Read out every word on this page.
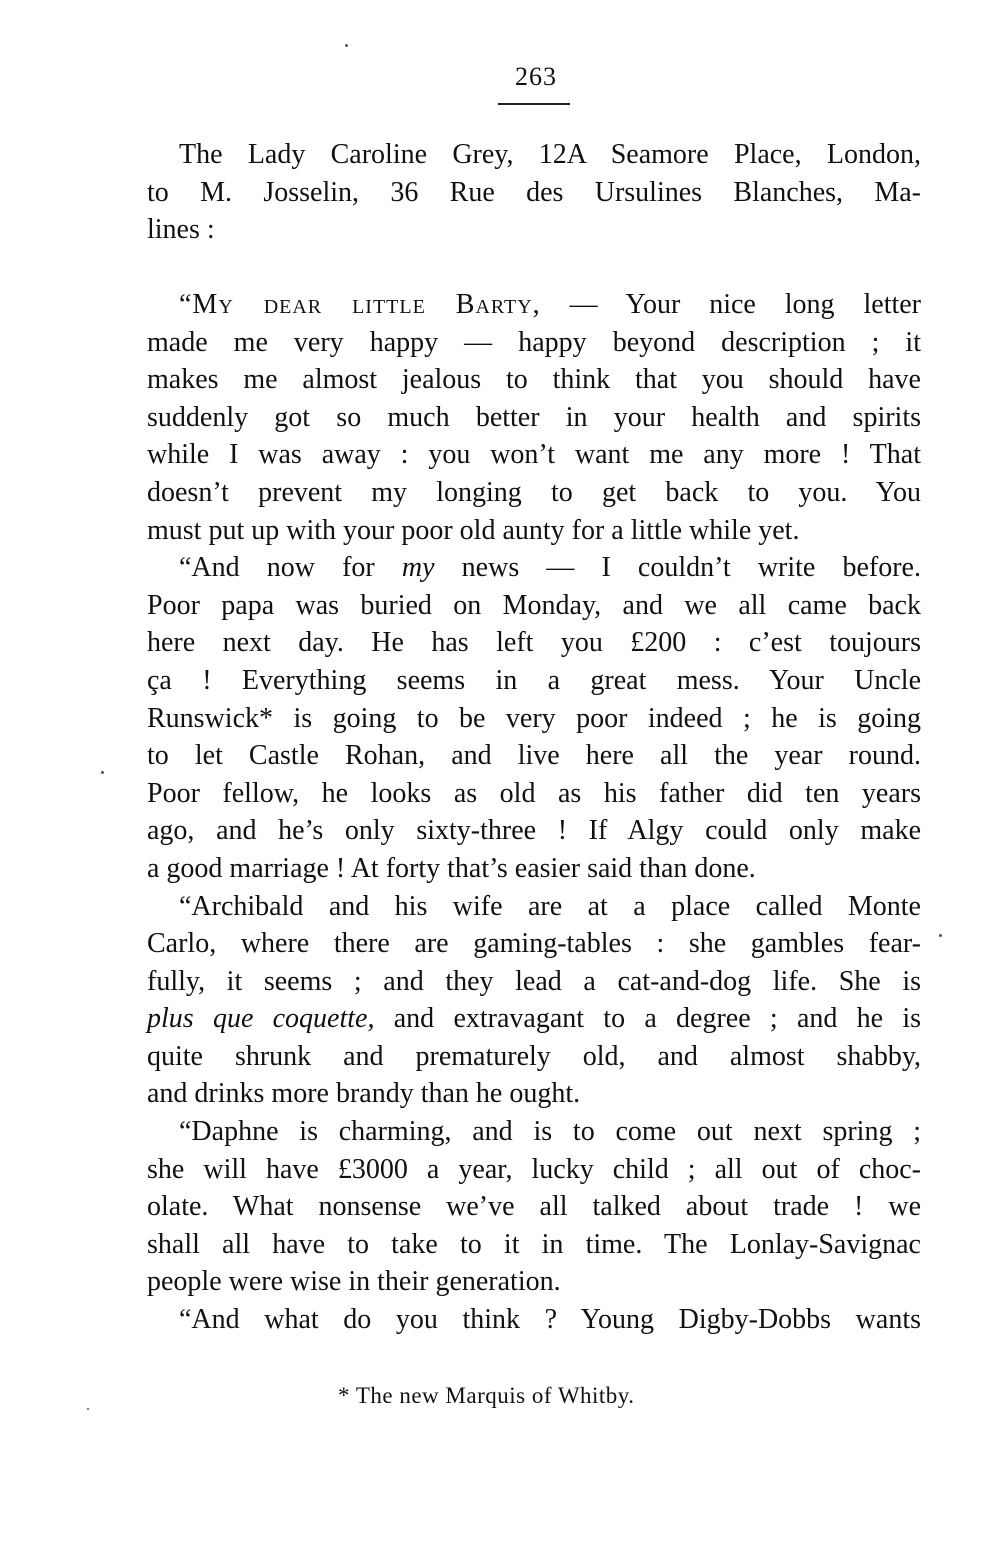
263
The Lady Caroline Grey, 12A Seamore Place, London,
to M. Josselin, 36 Rue des Ursulines Blanches, Ma-
lines :
“My dear little Barty, — Your nice long letter
made me very happy — happy beyond description ; it
makes me almost jealous to think that you should have
suddenly got so much better in your health and spirits
while I was away : you won’t want me any more ! That
doesn’t prevent my longing to get back to you. You
must put up with your poor old aunty for a little while yet.
“And now for my news — I couldn’t write before.
Poor papa was buried on Monday, and we all came back
here next day. He has left you £200 : c’est toujours
ça ! Everything seems in a great mess. Your Uncle
Runswick* is going to be very poor indeed ; he is going
to let Castle Rohan, and live here all the year round.
Poor fellow, he looks as old as his father did ten years
ago, and he’s only sixty-three ! If Algy could only make
a good marriage ! At forty that’s easier said than done.
“Archibald and his wife are at a place called Monte
Carlo, where there are gaming-tables : she gambles fear-
fully, it seems ; and they lead a cat-and-dog life. She is
plus que coquette, and extravagant to a degree ; and he is
quite shrunk and prematurely old, and almost shabby,
and drinks more brandy than he ought.
“Daphne is charming, and is to come out next spring ;
she will have £3000 a year, lucky child ; all out of choc-
olate. What nonsense we’ve all talked about trade ! we
shall all have to take to it in time. The Lonlay-Savignac
people were wise in their generation.
“And what do you think ? Young Digby-Dobbs wants
* The new Marquis of Whitby.
